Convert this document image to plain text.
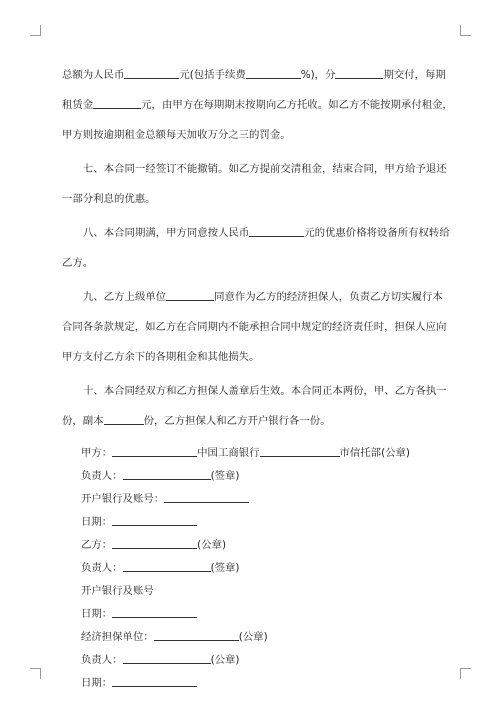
总额为人民币	元(包括手续费	%)，分	期交付，每期
租赁金	元，由甲方在每期期末按期向乙方托收。如乙方不能按期承付租金，
甲方则按逾期租金总额每天加收万分之三的罚金。
七、本合同一经签订不能撤销。如乙方提前交清租金，结束合同，甲方给予退还
一部分利息的优惠。
八、本合同期满，甲方同意按人民币	元的优惠价格将设备所有权转给
乙方。
九、乙方上级单位	同意作为乙方的经济担保人，负责乙方切实履行本
合同各条款规定，如乙方在合同期内不能承担合同中规定的经济责任时，担保人应向
甲方支付乙方余下的各期租金和其他损失。
十、本合同经双方和乙方担保人盖章后生效。本合同正本两份，甲、乙方各执一
份，副本	份，乙方担保人和乙方开户银行各一份。
甲方：	中国工商银行	市信托部(公章)
负责人：	(签章)
开户银行及账号：
日期：
乙方：	(公章)
负责人：	(签章)
开户银行及账号
日期：
经济担保单位：	(公章)
负责人：	(公章)
日期：
